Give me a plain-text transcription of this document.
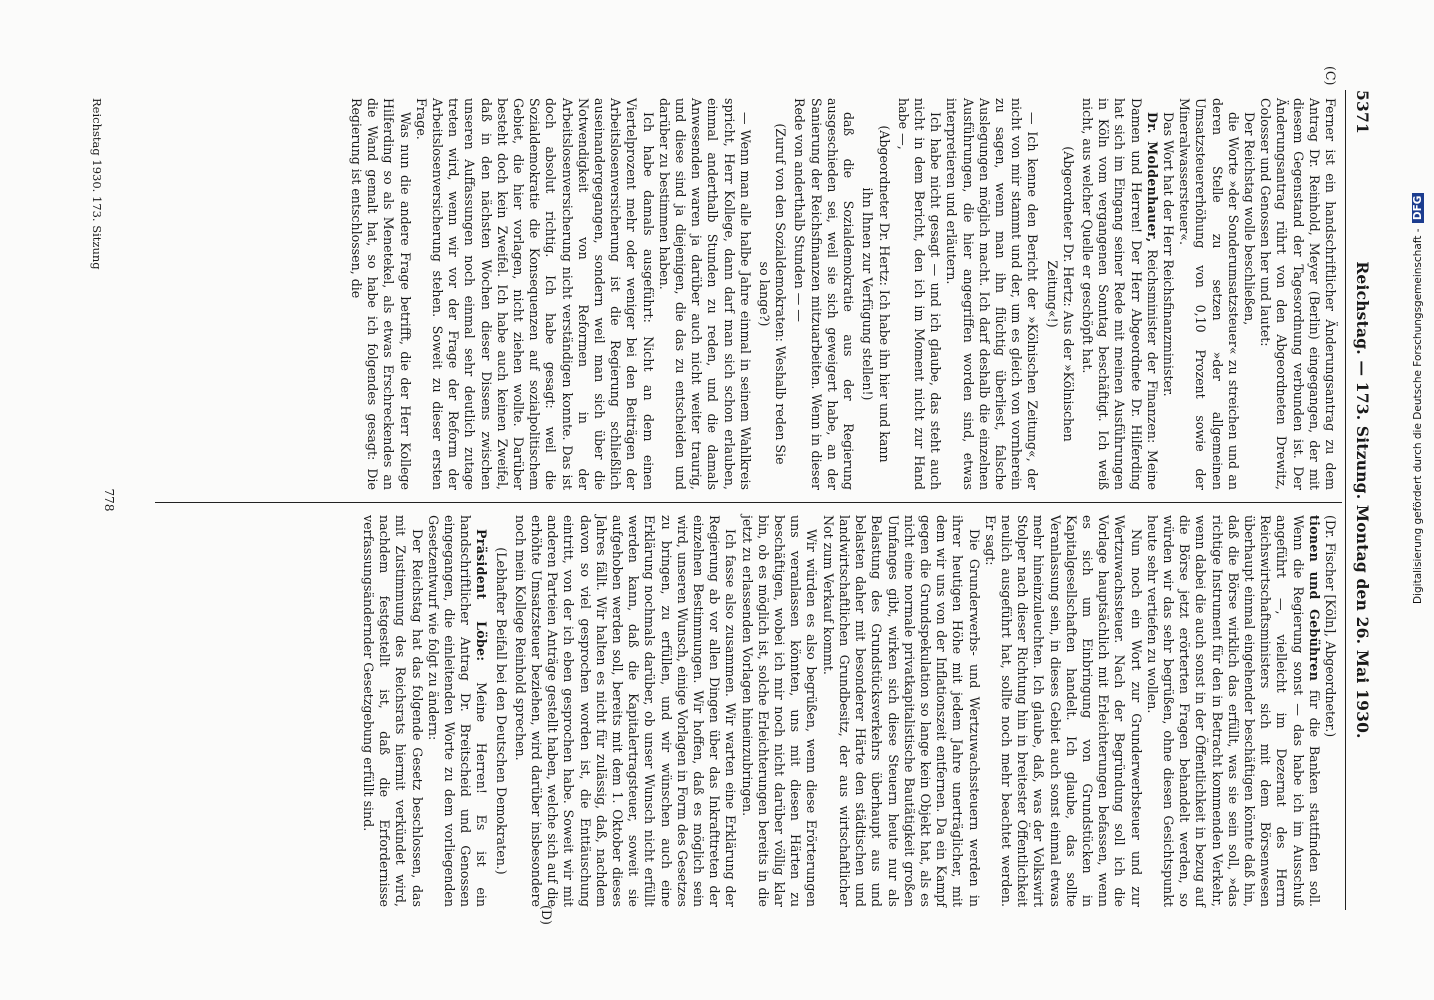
Reichstag. — 173. Sitzung. Montag den 26. Mai 1930.
5371
(C)
(D)

Ferner ist ein handschriftlicher Änderungsantrag zu dem Antrag Dr. Reinhold, Meyer (Berlin) eingegangen, der mit diesem Gegenstand der Tagesordnung verbunden ist. Der Änderungsantrag rührt von den Abgeordneten Drewitz, Colosser und Genossen her und lautet:

Der Reichstag wolle beschließen,

die Worte »der Sonderumsatzsteuer« zu streichen und an deren Stelle zu setzen »der allgemeinen Umsatzsteuererhöhung von 0,10 Prozent sowie der Mineralwassersteuer«.

Das Wort hat der Herr Reichsfinanzminister.

Dr. Moldenhauer, Reichsminister der Finanzen: Meine Damen und Herren! Der Herr Abgeordnete Dr. Hilferding hat sich im Eingang seiner Rede mit meinen Ausführungen in Köln vom vergangenen Sonntag beschäftigt. Ich weiß nicht, aus welcher Quelle er geschöpft hat.

(Abgeordneter Dr. Hertz: Aus der »Kölnischen Zeitung«!)

— Ich kenne den Bericht der »Kölnischen Zeitung«, der nicht von mir stammt und der, um es gleich von vornherein zu sagen, wenn man ihn flüchtig überliest, falsche Auslegungen möglich macht. Ich darf deshalb die einzelnen Ausführungen, die hier angegriffen worden sind, etwas interpretieren und erläutern.

Ich habe nicht gesagt — und ich glaube, das steht auch nicht in dem Bericht, den ich im Moment nicht zur Hand habe —,

(Abgeordneter Dr. Hertz: Ich habe ihn hier und kann ihn Ihnen zur Verfügung stellen!)

daß die Sozialdemokratie aus der Regierung ausgeschieden sei, weil sie sich geweigert habe, an der Sanierung der Reichsfinanzen mitzuarbeiten. Wenn in dieser Rede von anderthalb Stunden — —

(Zuruf von den Sozialdemokraten: Weshalb reden Sie so lange?)

— Wenn man alle halbe Jahre einmal in seinem Wahlkreis spricht, Herr Kollege, dann darf man sich schon erlauben, einmal anderthalb Stunden zu reden, und die damals Anwesenden waren ja darüber auch nicht weiter traurig, und diese sind ja diejenigen, die das zu entscheiden und darüber zu bestimmen haben.

Ich habe damals ausgeführt: Nicht an dem einen Viertelprozent mehr oder weniger bei den Beiträgen der Arbeitslosenversicherung ist die Regierung schließlich auseinandergegangen, sondern weil man sich über die Notwendigkeit von Reformen in der Arbeitslosenversicherung nicht verständigen konnte. Das ist doch absolut richtig. Ich habe gesagt: weil die Sozialdemokratie die Konsequenzen auf sozialpolitischem Gebiet, die hier vorlagen, nicht ziehen wollte. Darüber besteht doch kein Zweifel. Ich habe auch keinen Zweifel, daß in den nächsten Wochen dieser Dissens zwischen unseren Auffassungen noch einmal sehr deutlich zutage treten wird, wenn wir vor der Frage der Reform der Arbeitslosenversicherung stehen. Soweit zu dieser ersten Frage.

Was nun die andere Frage betrifft, die der Herr Kollege Hilferding so als Menetekel, als etwas Erschreckendes an die Wand gemalt hat, so habe ich folgendes gesagt: Die Regierung ist entschlossen, die

(Dr. Fischer [Köln], Abgeordneter.)

tionen und Gebühren für die Banken stattfinden soll. Wenn die Regierung sonst — das habe ich im Ausschuß angeführt —, vielleicht im Dezernat des Herrn Reichswirtschaftsministers sich mit dem Börsenwesen überhaupt einmal eingehender beschäftigen könnte daß hin, daß die Börse wirklich das erfüllt, was sie sein soll, »das richtige Instrument für den in Betracht kommenden Verkehr, wenn dabei die auch sonst in der Öffentlichkeit in bezug auf die Börse jetzt erörterten Fragen behandelt werden, so würden wir das sehr begrüßen, ohne diesen Gesichtspunkt heute sehr vertiefen zu wollen.

Nun noch ein Wort zur Grunderwerbsteuer und zur Wertzuwachssteuer. Nach der Begründung soll ich die Vorlage hauptsächlich mit Erleichterungen befassen, wenn es sich um Einbringung von Grundstücken in Kapitalgesellschaften handelt. Ich glaube, das sollte Veranlassung sein, in dieses Gebiet auch sonst einmal etwas mehr hineinzuleuchten. Ich glaube, daß, was der Volkswirt Stolper nach dieser Richtung hin in breitester Öffentlichkeit neulich ausgeführt hat, sollte noch mehr beachtet werden. Er sagt:

Die Grunderwerbs- und Wertzuwachssteuern werden in ihrer heutigen Höhe mit jedem Jahre unerträglicher, mit dem wir uns von der Inflationszeit entfernen. Da ein Kampf gegen die Grundspekulation so lange kein Objekt hat, als es nicht eine normale privatkapitalistische Bautätigkeit großen Umfanges gibt, wirken sich diese Steuern heute nur als Belastung des Grundstücksverkehrs überhaupt aus und belasten daher mit besonderer Härte den städtischen und landwirtschaftlichen Grundbesitz, der aus wirtschaftlicher Not zum Verkauf kommt.

Wir würden es also begrüßen, wenn diese Erörterungen uns veranlassen könnten, uns mit diesen Härten zu beschäftigen, wobei ich mir noch nicht darüber völlig klar bin, ob es möglich ist, solche Erleichterungen bereits in die jetzt zu erlassenden Vorlagen hineinzubringen.

Ich fasse also zusammen. Wir warten eine Erklärung der Regierung ab vor allen Dingen über das Inkrafttreten der einzelnen Bestimmungen. Wir hoffen, daß es möglich sein wird, unseren Wunsch, einige Vorlagen in Form des Gesetzes zu bringen, zu erfüllen, und wir wünschen auch eine Erklärung nochmals darüber, ob unser Wunsch nicht erfüllt werden kann, daß die Kapitalertragsteuer, soweit sie aufgehoben werden soll, bereits mit dem 1. Oktober dieses Jahres fällt. Wir halten es nicht für zulässig, daß, nachdem davon so viel gesprochen worden ist, die Enttäuschung eintritt, von der ich eben gesprochen habe. Soweit wir mit anderen Parteien Anträge gestellt haben, welche sich auf die erhöhte Umsatzsteuer beziehen, wird darüber insbesondere noch mein Kollege Reinhold sprechen.

(Lebhafter Beifall bei den Deutschen Demokraten.)

Präsident Löbe: Meine Herren! Es ist ein handschriftlicher Antrag Dr. Breitscheid und Genossen eingegangen, die einleitenden Worte zu dem vorliegenden Gesetzentwurf wie folgt zu ändern:

Der Reichstag hat das folgende Gesetz beschlossen, das mit Zustimmung des Reichsrats hiermit verkündet wird, nachdem festgestellt ist, daß die Erfordernisse verfassungsändernder Gesetzgebung erfüllt sind.

Reichstag 1930. 173. Sitzung
778	Digitalisierung gefördert durch die Deutsche Forschungsgemeinschaft - DFG
